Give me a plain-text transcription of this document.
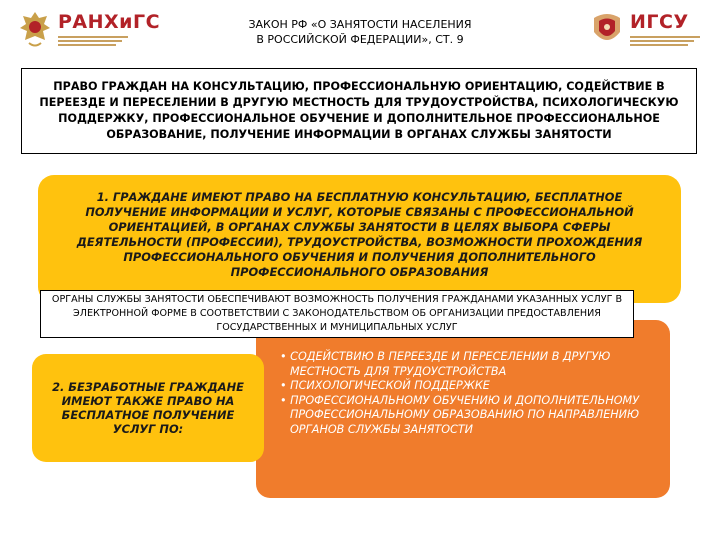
РАНХиГС	ЗАКОН РФ «О ЗАНЯТОСТИ НАСЕЛЕНИЯ
В РОССИЙСКОЙ ФЕДЕРАЦИИ», СТ. 9
ИГСУ
ПРАВО ГРАЖДАН НА КОНСУЛЬТАЦИЮ, ПРОФЕССИОНАЛЬНУЮ ОРИЕНТАЦИЮ, СОДЕЙСТВИЕ В ПЕРЕЕЗДЕ И ПЕРЕСЕЛЕНИИ В ДРУГУЮ МЕСТНОСТЬ ДЛЯ ТРУДОУСТРОЙСТВА, ПСИХОЛОГИЧЕСКУЮ ПОДДЕРЖКУ, ПРОФЕССИОНАЛЬНОЕ ОБУЧЕНИЕ И ДОПОЛНИТЕЛЬНОЕ ПРОФЕССИОНАЛЬНОЕ ОБРАЗОВАНИЕ, ПОЛУЧЕНИЕ ИНФОРМАЦИИ В ОРГАНАХ СЛУЖБЫ ЗАНЯТОСТИ
1. ГРАЖДАНЕ ИМЕЮТ ПРАВО НА БЕСПЛАТНУЮ КОНСУЛЬТАЦИЮ, БЕСПЛАТНОЕ ПОЛУЧЕНИЕ ИНФОРМАЦИИ И УСЛУГ, КОТОРЫЕ СВЯЗАНЫ С ПРОФЕССИОНАЛЬНОЙ ОРИЕНТАЦИЕЙ, В ОРГАНАХ СЛУЖБЫ ЗАНЯТОСТИ В ЦЕЛЯХ ВЫБОРА СФЕРЫ ДЕЯТЕЛЬНОСТИ (ПРОФЕССИИ), ТРУДОУСТРОЙСТВА, ВОЗМОЖНОСТИ ПРОХОЖДЕНИЯ ПРОФЕССИОНАЛЬНОГО ОБУЧЕНИЯ И ПОЛУЧЕНИЯ ДОПОЛНИТЕЛЬНОГО ПРОФЕССИОНАЛЬНОГО ОБРАЗОВАНИЯ
ОРГАНЫ СЛУЖБЫ ЗАНЯТОСТИ ОБЕСПЕЧИВАЮТ ВОЗМОЖНОСТЬ ПОЛУЧЕНИЯ ГРАЖДАНАМИ УКАЗАННЫХ УСЛУГ В ЭЛЕКТРОННОЙ ФОРМЕ В СООТВЕТСТВИИ С ЗАКОНОДАТЕЛЬСТВОМ ОБ ОРГАНИЗАЦИИ ПРЕДОСТАВЛЕНИЯ ГОСУДАРСТВЕННЫХ И МУНИЦИПАЛЬНЫХ УСЛУГ
2. БЕЗРАБОТНЫЕ ГРАЖДАНЕ ИМЕЮТ ТАКЖЕ ПРАВО НА БЕСПЛАТНОЕ ПОЛУЧЕНИЕ УСЛУГ ПО:
• СОДЕЙСТВИЮ В ПЕРЕЕЗДЕ И ПЕРЕСЕЛЕНИИ В ДРУГУЮ МЕСТНОСТЬ ДЛЯ ТРУДОУСТРОЙСТВА
• ПСИХОЛОГИЧЕСКОЙ ПОДДЕРЖКЕ
• ПРОФЕССИОНАЛЬНОМУ ОБУЧЕНИЮ И ДОПОЛНИТЕЛЬНОМУ ПРОФЕССИОНАЛЬНОМУ ОБРАЗОВАНИЮ ПО НАПРАВЛЕНИЮ ОРГАНОВ СЛУЖБЫ ЗАНЯТОСТИ
